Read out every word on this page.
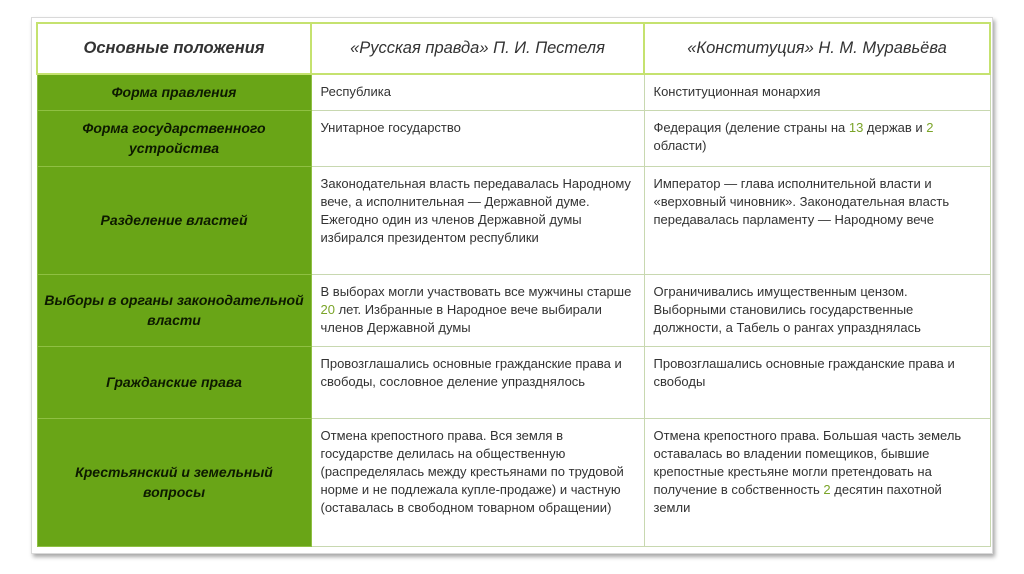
Основные положения	«Русская правда» П. И. Пестеля	«Конституция» Н. М. Муравьёва
Форма правления	Республика	Конституционная монархия
Форма государственного устройства	Унитарное государство	Федерация (деление страны на 13 держав и 2 области)
Разделение властей	Законодательная власть передавалась Народному вече, а исполнительная — Державной думе. Ежегодно один из членов Державной думы избирался президентом республики	Император — глава исполнительной власти и «верховный чиновник». Законодательная власть передавалась парламенту — Народному вече
Выборы в органы законодательной власти	В выборах могли участвовать все мужчины старше 20 лет. Избранные в Народное вече выбирали членов Державной думы	Ограничивались имущественным цензом. Выборными становились государственные должности, а Табель о рангах упразднялась
Гражданские права	Провозглашались основные гражданские права и свободы, сословное деление упразднялось	Провозглашались основные гражданские права и свободы
Крестьянский и земельный вопросы	Отмена крепостного права. Вся земля в государстве делилась на общественную (распределялась между крестьянами по трудовой норме и не подлежала купле-продаже) и частную (оставалась в свободном товарном обращении)	Отмена крепостного права. Большая часть земель оставалась во владении помещиков, бывшие крепостные крестьяне могли претендовать на получение в собственность 2 десятин пахотной земли
